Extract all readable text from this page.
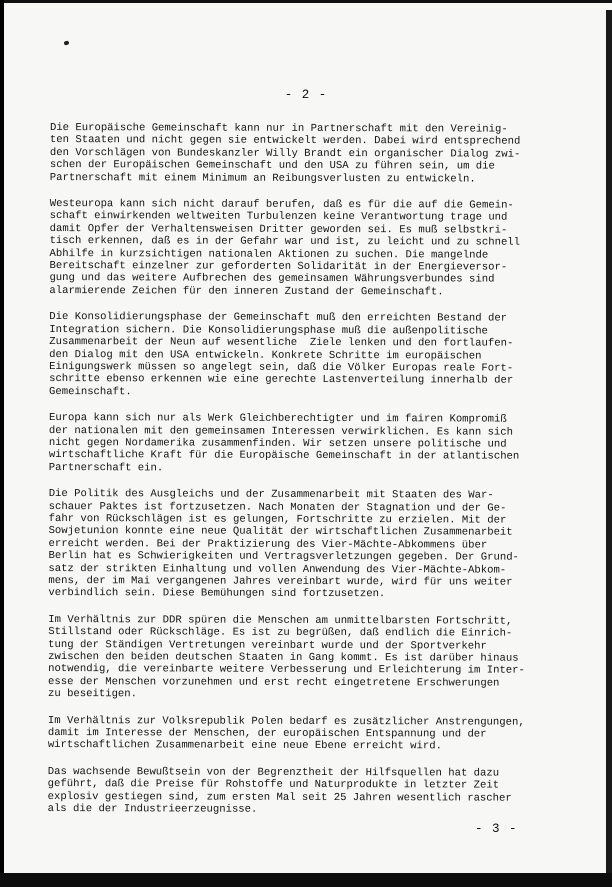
- 2 -

Die Europäische Gemeinschaft kann nur in Partnerschaft mit den Vereinig-
ten Staaten und nicht gegen sie entwickelt werden. Dabei wird entsprechend
den Vorschlägen von Bundeskanzler Willy Brandt ein organischer Dialog zwi-
schen der Europäischen Gemeinschaft und den USA zu führen sein, um die
Partnerschaft mit einem Minimum an Reibungsverlusten zu entwickeln.

Westeuropa kann sich nicht darauf berufen, daß es für die auf die Gemein-
schaft einwirkenden weltweiten Turbulenzen keine Verantwortung trage und
damit Opfer der Verhaltensweisen Dritter geworden sei. Es muß selbstkri-
tisch erkennen, daß es in der Gefahr war und ist, zu leicht und zu schnell
Abhilfe in kurzsichtigen nationalen Aktionen zu suchen. Die mangelnde
Bereitschaft einzelner zur geforderten Solidarität in der Energieversor-
gung und das weitere Aufbrechen des gemeinsamen Währungsverbundes sind
alarmierende Zeichen für den inneren Zustand der Gemeinschaft.

Die Konsolidierungsphase der Gemeinschaft muß den erreichten Bestand der
Integration sichern. Die Konsolidierungsphase muß die außenpolitische
Zusammenarbeit der Neun auf wesentliche  Ziele lenken und den fortlaufen-
den Dialog mit den USA entwickeln. Konkrete Schritte im europäischen
Einigungswerk müssen so angelegt sein, daß die Völker Europas reale Fort-
schritte ebenso erkennen wie eine gerechte Lastenverteilung innerhalb der
Gemeinschaft.

Europa kann sich nur als Werk Gleichberechtigter und im fairen Kompromiß
der nationalen mit den gemeinsamen Interessen verwirklichen. Es kann sich
nicht gegen Nordamerika zusammenfinden. Wir setzen unsere politische und
wirtschaftliche Kraft für die Europäische Gemeinschaft in der atlantischen
Partnerschaft ein.

Die Politik des Ausgleichs und der Zusammenarbeit mit Staaten des War-
schauer Paktes ist fortzusetzen. Nach Monaten der Stagnation und der Ge-
fahr von Rückschlägen ist es gelungen, Fortschritte zu erzielen. Mit der
Sowjetunion konnte eine neue Qualität der wirtschaftlichen Zusammenarbeit
erreicht werden. Bei der Praktizierung des Vier-Mächte-Abkommens über
Berlin hat es Schwierigkeiten und Vertragsverletzungen gegeben. Der Grund-
satz der strikten Einhaltung und vollen Anwendung des Vier-Mächte-Abkom-
mens, der im Mai vergangenen Jahres vereinbart wurde, wird für uns weiter
verbindlich sein. Diese Bemühungen sind fortzusetzen.

Im Verhältnis zur DDR spüren die Menschen am unmittelbarsten Fortschritt,
Stillstand oder Rückschläge. Es ist zu begrüßen, daß endlich die Einrich-
tung der Ständigen Vertretungen vereinbart wurde und der Sportverkehr
zwischen den beiden deutschen Staaten in Gang kommt. Es ist darüber hinaus
notwendig, die vereinbarte weitere Verbesserung und Erleichterung im Inter-
esse der Menschen vorzunehmen und erst recht eingetretene Erschwerungen
zu beseitigen.

Im Verhältnis zur Volksrepublik Polen bedarf es zusätzlicher Anstrengungen,
damit im Interesse der Menschen, der europäischen Entspannung und der
wirtschaftlichen Zusammenarbeit eine neue Ebene erreicht wird.

Das wachsende Bewußtsein von der Begrenztheit der Hilfsquellen hat dazu
geführt, daß die Preise für Rohstoffe und Naturprodukte in letzter Zeit
explosiv gestiegen sind, zum ersten Mal seit 25 Jahren wesentlich rascher
als die der Industrieerzeugnisse.

- 3 -
